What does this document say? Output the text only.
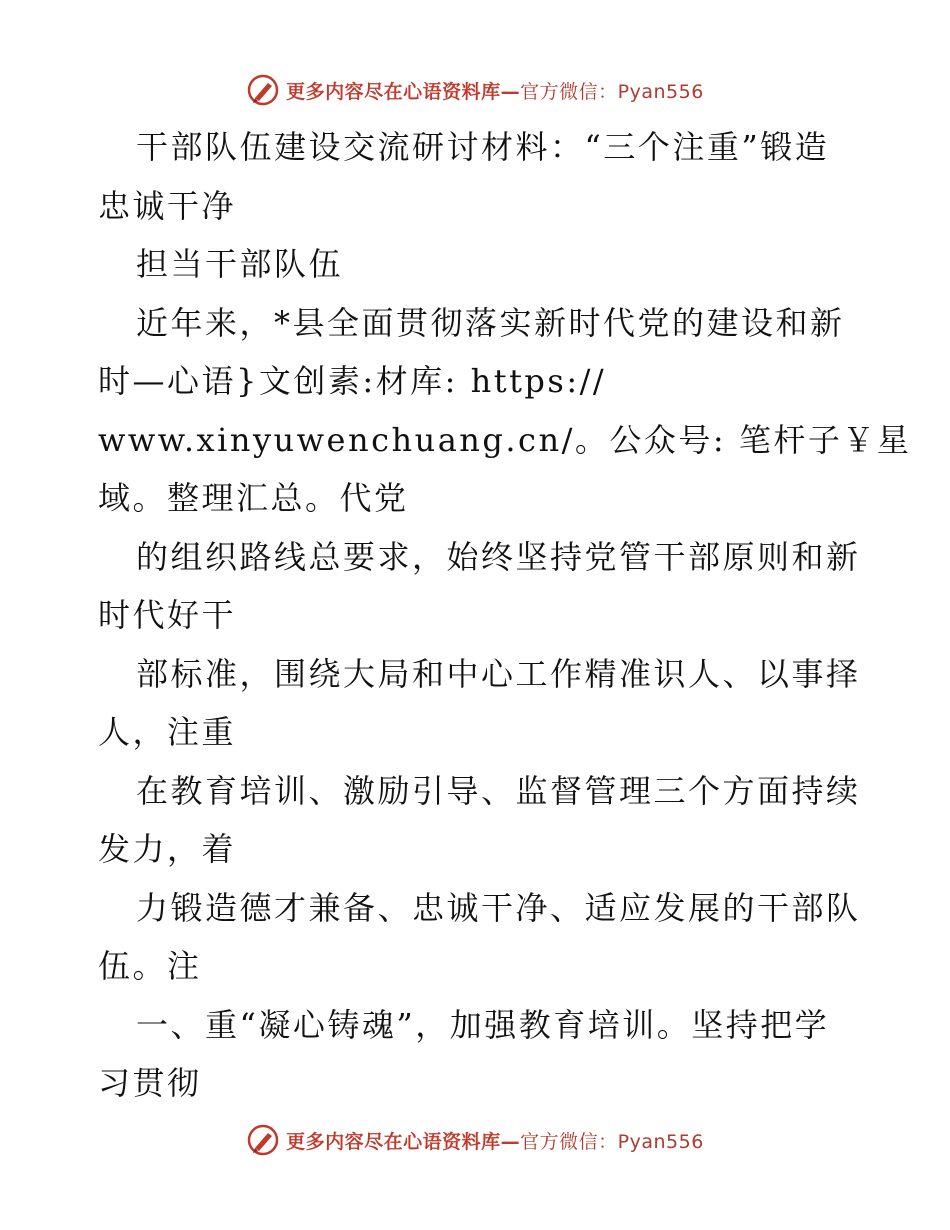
更多内容尽在心语资料库—官方微信：Pyan556

干部队伍建设交流研讨材料：“三个注重”锻造

忠诚干净

担当干部队伍

近年来，*县全面贯彻落实新时代党的建设和新

时—心语}文创素:材库: https://

www.xinyuwenchuang.cn/。公众号: 笔杆子￥星

域。整理汇总。代党

的组织路线总要求，始终坚持党管干部原则和新

时代好干

部标准，围绕大局和中心工作精准识人、以事择

人，注重

在教育培训、激励引导、监督管理三个方面持续

发力，着

力锻造德才兼备、忠诚干净、适应发展的干部队

伍。注

一、重“凝心铸魂”，加强教育培训。坚持把学

习贯彻

更多内容尽在心语资料库—官方微信：Pyan556
